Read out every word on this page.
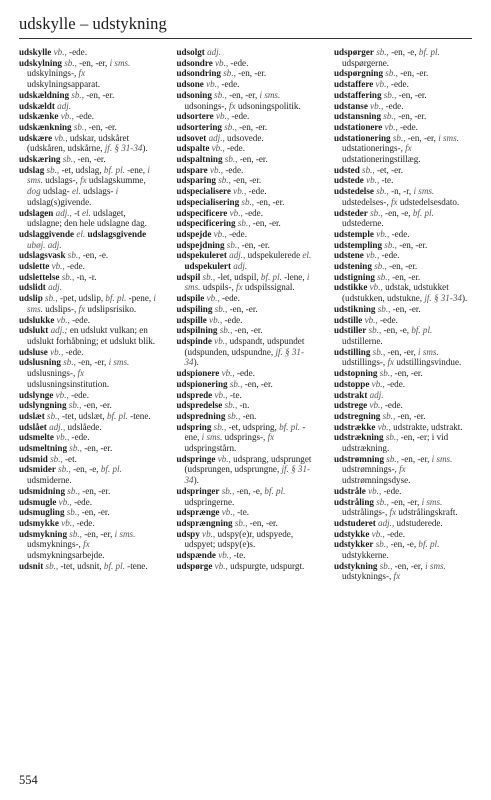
udskylle – udstykning

udskylle vb., -ede.

udskylning sb., -en, -er, i sms. udskylnings-, fx udskylningsapparat.

udskældning sb., -en, -er.

udskældt adj.

udskænke vb., -ede.

udskænkning sb., -en, -er.

udskære vb., udskar, udskåret (udskåren, udskårne, jf. § 31-34).

udskæring sb., -en, -er.

udslag sb., -et, udslag, bf. pl. -ene, i sms. udslags-, fx udslagskumme, dog udslag- el. udslags- i udslag(s)givende.

udslagen adj., -t el. udslaget, udslagne; den hele udslagne dag.

udslaggivende el. udslagsgivende ubøj. adj.

udslagsvask sb., -en, -e.

udslette vb., -ede.

udslettelse sb., -n, -r.

udslidt adj.

udslip sb., -pet, udslip, bf. pl. -pene, i sms. udslips-, fx udslipsrisiko.

udslukke vb., -ede.

udslukt adj.; en udslukt vulkan; en udslukt forhåbning; et udslukt blik.

udsluse vb., -ede.

udslusning sb., -en, -er, i sms. udslusnings-, fx udslusningsinstitution.

udslynge vb., -ede.

udslyngning sb., -en, -er.

udslæt sb., -tet, udslæt, bf. pl. -tene.

udslået adj., udslåede.

udsmelte vb., -ede.

udsmeltning sb., -en, -er.

udsmid sb., -et.

udsmider sb., -en, -e, bf. pl. udsmiderne.

udsmidning sb., -en, -er.

udsmugle vb., -ede.

udsmugling sb., -en, -er.

udsmykke vb., -ede.

udsmykning sb., -en, -er, i sms. udsmyknings-, fx udsmykningsarbejde.

udsnit sb., -tet, udsnit, bf. pl. -tene.

udsolgt adj.

udsondre vb., -ede.

udsondring sb., -en, -er.

udsone vb., -ede.

udsoning sb., -en, -er, i sms. udsonings-, fx udsoningspolitik.

udsortere vb., -ede.

udsortering sb., -en, -er.

udsovet adj., udsovede.

udspalte vb., -ede.

udspaltning sb., -en, -er.

udspare vb., -ede.

udsparing sb., -en, -er.

udspecialisere vb., -ede.

udspecialisering sb., -en, -er.

udspecificere vb., -ede.

udspecificering sb., -en, -er.

udspejde vb., -ede.

udspejdning sb., -en, -er.

udspekuleret adj., udspekulerede el. udspekulert adj.

udspil sb., -let, udspil, bf. pl. -lene, i sms. udspils-, fx udspilssignal.

udspile vb., -ede.

udspiling sb., -en, -er.

udspille vb., -ede.

udspilning sb., -en, -er.

udspinde vb., udspandt, udspundet (udspunden, udspundne, jf. § 31-34).

udspionere vb., -ede.

udspionering sb., -en, -er.

udsprede vb., -te.

udspredelse sb., -n.

udspredning sb., -en.

udspring sb., -et, udspring, bf. pl. -ene, i sms. udsprings-, fx udspringstårn.

udspringe vb., udsprang, udsprunget (udsprungen, udsprungne, jf. § 31-34).

udspringer sb., -en, -e, bf. pl. udspringerne.

udsprænge vb., -te.

udsprængning sb., -en, -er.

udspy vb., udspy(e)r, udspyede, udspyet; udspy(e)s.

udspænde vb., -te.

udspørge vb., udspurgte, udspurgt.

udspørger sb., -en, -e, bf. pl. udspørgerne.

udspørgning sb., -en, -er.

udstaffere vb., -ede.

udstaffering sb., -en, -er.

udstanse vb., -ede.

udstansning sb., -en, -er.

udstationere vb., -ede.

udstationering sb., -en, -er, i sms. udstationerings-, fx udstationeringstillæg.

udsted sb., -et, -er.

udstede vb., -te.

udstedelse sb., -n, -r, i sms. udstedelses-, fx udstedelsesdato.

udsteder sb., -en, -e, bf. pl. udstederne.

udstemple vb., -ede.

udstempling sb., -en, -er.

udstene vb., -ede.

udstening sb., -en, -er.

udstigning sb., -en, -er.

udstikke vb., udstak, udstukket (udstukken, udstukne, jf. § 31-34).

udstikning sb., -en, -er.

udstille vb., -ede.

udstiller sb., -en, -e, bf. pl. udstillerne.

udstilling sb., -en, -er, i sms. udstillings-, fx udstillingsvindue.

udstopning sb., -en, -er.

udstoppe vb., -ede.

udstrakt adj.

udstrege vb., -ede.

udstregning sb., -en, -er.

udstrække vb., udstrakte, udstrakt.

udstrækning sb., -en, -er; i vid udstrækning.

udstrømning sb., -en, -er, i sms. udstrømnings-, fx udstrømningsdyse.

udstråle vb., -ede.

udstråling sb., -en, -er, i sms. udstrålings-, fx udstrålingskraft.

udstuderet adj., udstuderede.

udstykke vb., -ede.

udstykker sb., -en, -e, bf. pl. udstykkerne.

udstykning sb., -en, -er, i sms. udstyknings-, fx

554
